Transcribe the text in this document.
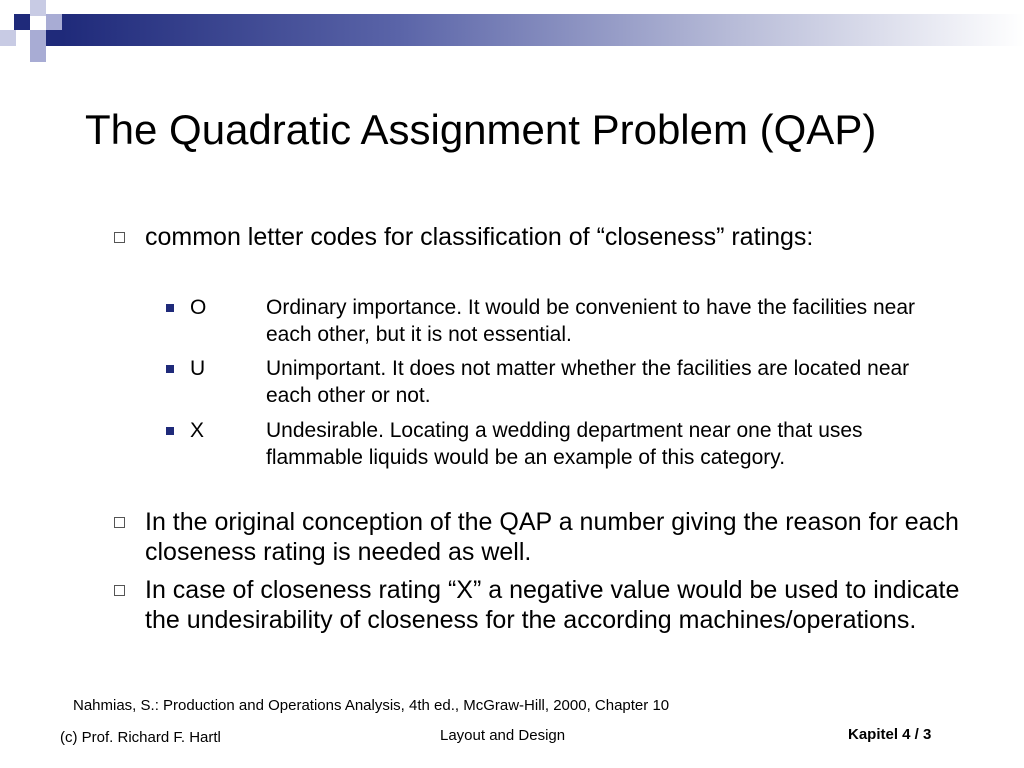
The Quadratic Assignment Problem (QAP)
common letter codes for classification of “closeness” ratings:
O	Ordinary importance. It would be convenient to have the facilities near each other, but it is not essential.
U	Unimportant. It does not matter whether the facilities are located near each other or not.
X	Undesirable. Locating a wedding department near one that uses flammable liquids would be an example of this category.
In the original conception of the QAP a number giving the reason for each closeness rating is needed as well.
In case of closeness rating “X” a negative value would be used to indicate the undesirability of closeness for the according machines/operations.
Nahmias, S.: Production and Operations Analysis, 4th ed., McGraw-Hill, 2000, Chapter 10
(c) Prof. Richard F. Hartl	Layout and Design	Kapitel 4 / 3
